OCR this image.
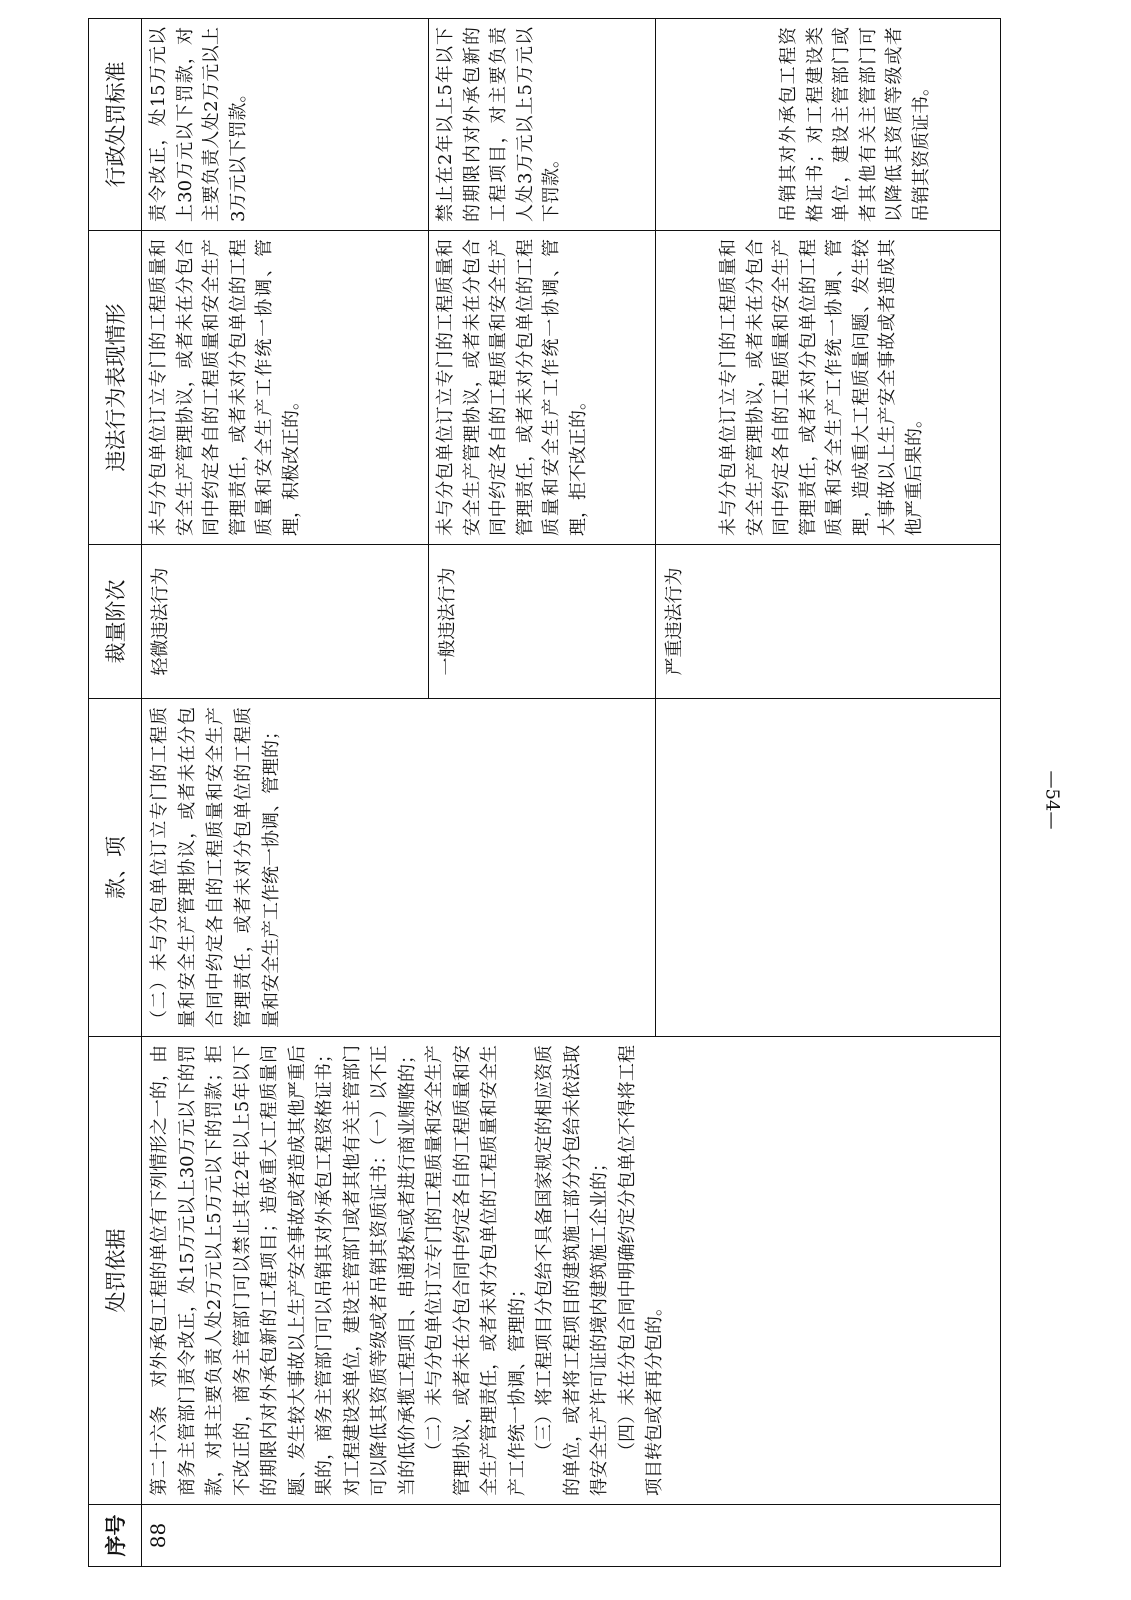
序号	处罚依据	款、项	裁量阶次	违法行为表现情形	行政处罚标准
88	第二十六条　对外承包工程的单位有下列情形之一的，由商务主管部门责令改正，处15万元以上30万元以下的罚款，对其主要负责人处2万元以上5万元以下的罚款；拒不改正的，商务主管部门可以禁止其在2年以上5年以下的期限内对外承包新的工程项目；造成重大工程质量问题、发生较大事故以上生产安全事故或者造成其他严重后果的，商务主管部门可以吊销其对外承包工程资格证书；对工程建设类单位，建设主管部门或者其他有关主管部门可以降低其资质等级或者吊销其资质证书：（一）以不正当的低价承揽工程项目、串通投标或者进行商业贿赂的； （二）未与分包单位订立专门的工程质量和安全生产管理协议，或者未在分包合同中约定各自的工程质量和安全生产管理责任，或者未对分包单位的工程质量和安全生产工作统一协调、管理的； （三）将工程项目分包给不具备国家规定的相应资质的单位，或者将工程项目的建筑施工部分分包给未依法取得安全生产许可证的境内建筑施工企业的； （四）未在分包合同中明确约定分包单位不得将工程项目转包或者再分包的。	（二）未与分包单位订立专门的工程质量和安全生产管理协议，或者未在分包合同中约定各自的工程质量和安全生产管理责任，或者未对分包单位的工程质量和安全生产工作统一协调、管理的；	轻微违法行为	未与分包单位订立专门的工程质量和安全生产管理协议，或者未在分包合同中约定各自的工程质量和安全生产管理责任，或者未对分包单位的工程质量和安全生产工作统一协调、管理，积极改正的。	责令改正，处15万元以上30万元以下罚款，对主要负责人处2万元以上3万元以下罚款。
			一般违法行为	未与分包单位订立专门的工程质量和安全生产管理协议，或者未在分包合同中约定各自的工程质量和安全生产管理责任，或者未对分包单位的工程质量和安全生产工作统一协调、管理，拒不改正的。	禁止在2年以上5年以下的期限内对外承包新的工程项目，对主要负责人处3万元以上5万元以下罚款。
			严重违法行为	未与分包单位订立专门的工程质量和安全生产管理协议，或者未在分包合同中约定各自的工程质量和安全生产管理责任，或者未对分包单位的工程质量和安全生产工作统一协调、管理，造成重大工程质量问题、发生较大事故以上生产安全事故或者造成其他严重后果的。	吊销其对外承包工程资格证书；对工程建设类单位，建设主管部门或者其他有关主管部门可以降低其资质等级或者吊销其资质证书。
—54—
